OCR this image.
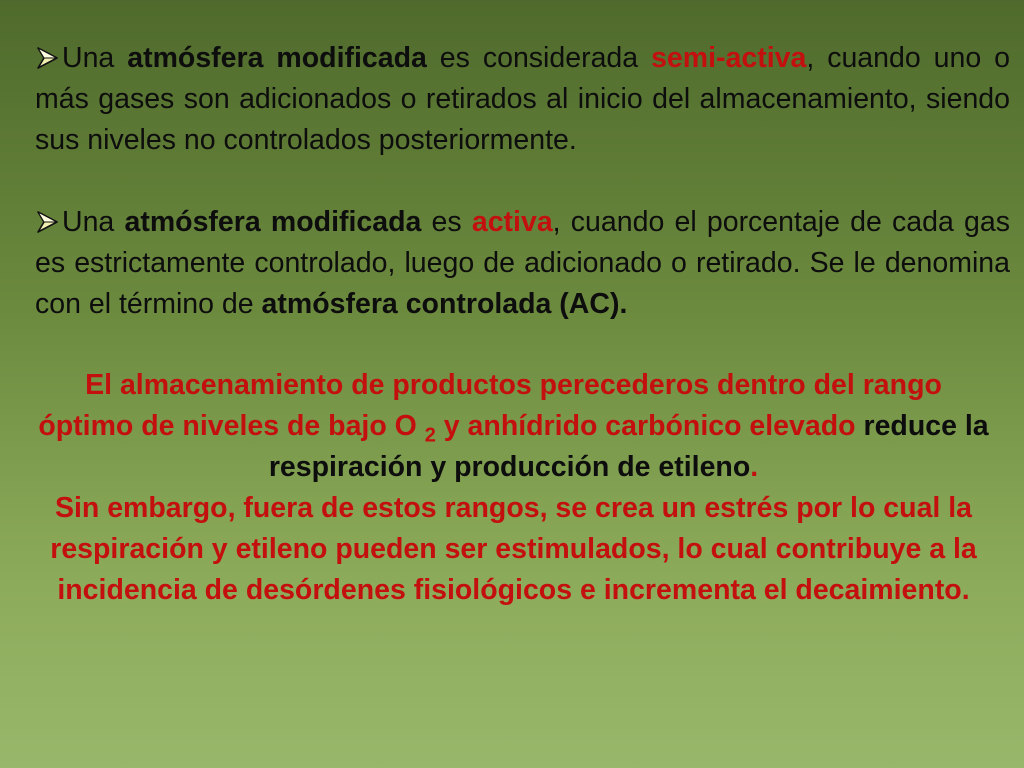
Una atmósfera modificada es considerada semi-activa, cuando uno o más gases son adicionados o retirados al inicio del almacenamiento, siendo sus niveles no controlados posteriormente.

Una atmósfera modificada es activa, cuando el porcentaje de cada gas es estrictamente controlado, luego de adicionado o retirado. Se le denomina con el término de atmósfera controlada (AC).

El almacenamiento de productos perecederos dentro del rango óptimo de niveles de bajo O $_2$ y anhídrido carbónico elevado reduce la respiración y producción de etileno.
Sin embargo, fuera de estos rangos, se crea un estrés por lo cual la respiración y etileno pueden ser estimulados, lo cual contribuye a la incidencia de desórdenes fisiológicos e incrementa el decaimiento.
